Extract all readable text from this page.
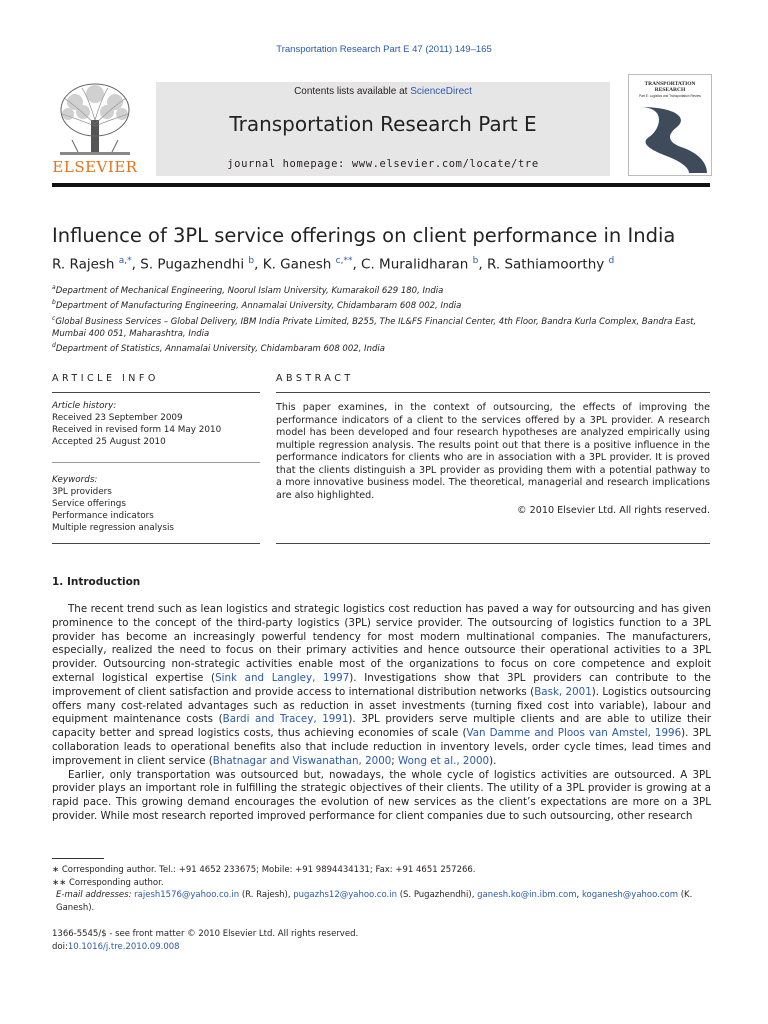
Transportation Research Part E 47 (2011) 149–165
ELSEVIER
Contents lists available at ScienceDirect
Transportation Research Part E
journal homepage: www.elsevier.com/locate/tre
TRANSPORTATION RESEARCH
Part E: Logistics and Transportation Review
Influence of 3PL service offerings on client performance in India
R. Rajesh $^{a,*}$, S. Pugazhendhi $^b$, K. Ganesh $^{c,**}$, C. Muralidharan $^b$, R. Sathiamoorthy $^d$
$^a$Department of Mechanical Engineering, Noorul Islam University, Kumarakoil 629 180, India
$^b$Department of Manufacturing Engineering, Annamalai University, Chidambaram 608 002, India
$^c$Global Business Services – Global Delivery, IBM India Private Limited, B255, The IL&FS Financial Center, 4th Floor, Bandra Kurla Complex, Bandra East, Mumbai 400 051, Maharashtra, India
$^d$Department of Statistics, Annamalai University, Chidambaram 608 002, India
ARTICLE INFO
Article history:
Received 23 September 2009
Received in revised form 14 May 2010
Accepted 25 August 2010
Keywords:
3PL providers
Service offerings
Performance indicators
Multiple regression analysis
ABSTRACT
This paper examines, in the context of outsourcing, the effects of improving the performance indicators of a client to the services offered by a 3PL provider. A research model has been developed and four research hypotheses are analyzed empirically using multiple regression analysis. The results point out that there is a positive influence in the performance indicators for clients who are in association with a 3PL provider. It is proved that the clients distinguish a 3PL provider as providing them with a potential pathway to a more innovative business model. The theoretical, managerial and research implications are also highlighted.
© 2010 Elsevier Ltd. All rights reserved.
1. Introduction

The recent trend such as lean logistics and strategic logistics cost reduction has paved a way for outsourcing and has given prominence to the concept of the third-party logistics (3PL) service provider. The outsourcing of logistics function to a 3PL provider has become an increasingly powerful tendency for most modern multinational companies. The manufacturers, especially, realized the need to focus on their primary activities and hence outsource their operational activities to a 3PL provider. Outsourcing non-strategic activities enable most of the organizations to focus on core competence and exploit external logistical expertise (Sink and Langley, 1997). Investigations show that 3PL providers can contribute to the improvement of client satisfaction and provide access to international distribution networks (Bask, 2001). Logistics outsourcing offers many cost-related advantages such as reduction in asset investments (turning fixed cost into variable), labour and equipment maintenance costs (Bardi and Tracey, 1991). 3PL providers serve multiple clients and are able to utilize their capacity better and spread logistics costs, thus achieving economies of scale (Van Damme and Ploos van Amstel, 1996). 3PL collaboration leads to operational benefits also that include reduction in inventory levels, order cycle times, lead times and improvement in client service (Bhatnagar and Viswanathan, 2000; Wong et al., 2000).

Earlier, only transportation was outsourced but, nowadays, the whole cycle of logistics activities are outsourced. A 3PL provider plays an important role in fulfilling the strategic objectives of their clients. The utility of a 3PL provider is growing at a rapid pace. This growing demand encourages the evolution of new services as the client’s expectations are more on a 3PL provider. While most research reported improved performance for client companies due to such outsourcing, other research

∗ Corresponding author. Tel.: +91 4652 233675; Mobile: +91 9894434131; Fax: +91 4651 257266.
∗∗ Corresponding author.
E-mail addresses: rajesh1576@yahoo.co.in (R. Rajesh), pugazhs12@yahoo.co.in (S. Pugazhendhi), ganesh.ko@in.ibm.com, koganesh@yahoo.com (K. Ganesh).
1366-5545/$ - see front matter © 2010 Elsevier Ltd. All rights reserved.
doi:10.1016/j.tre.2010.09.008
